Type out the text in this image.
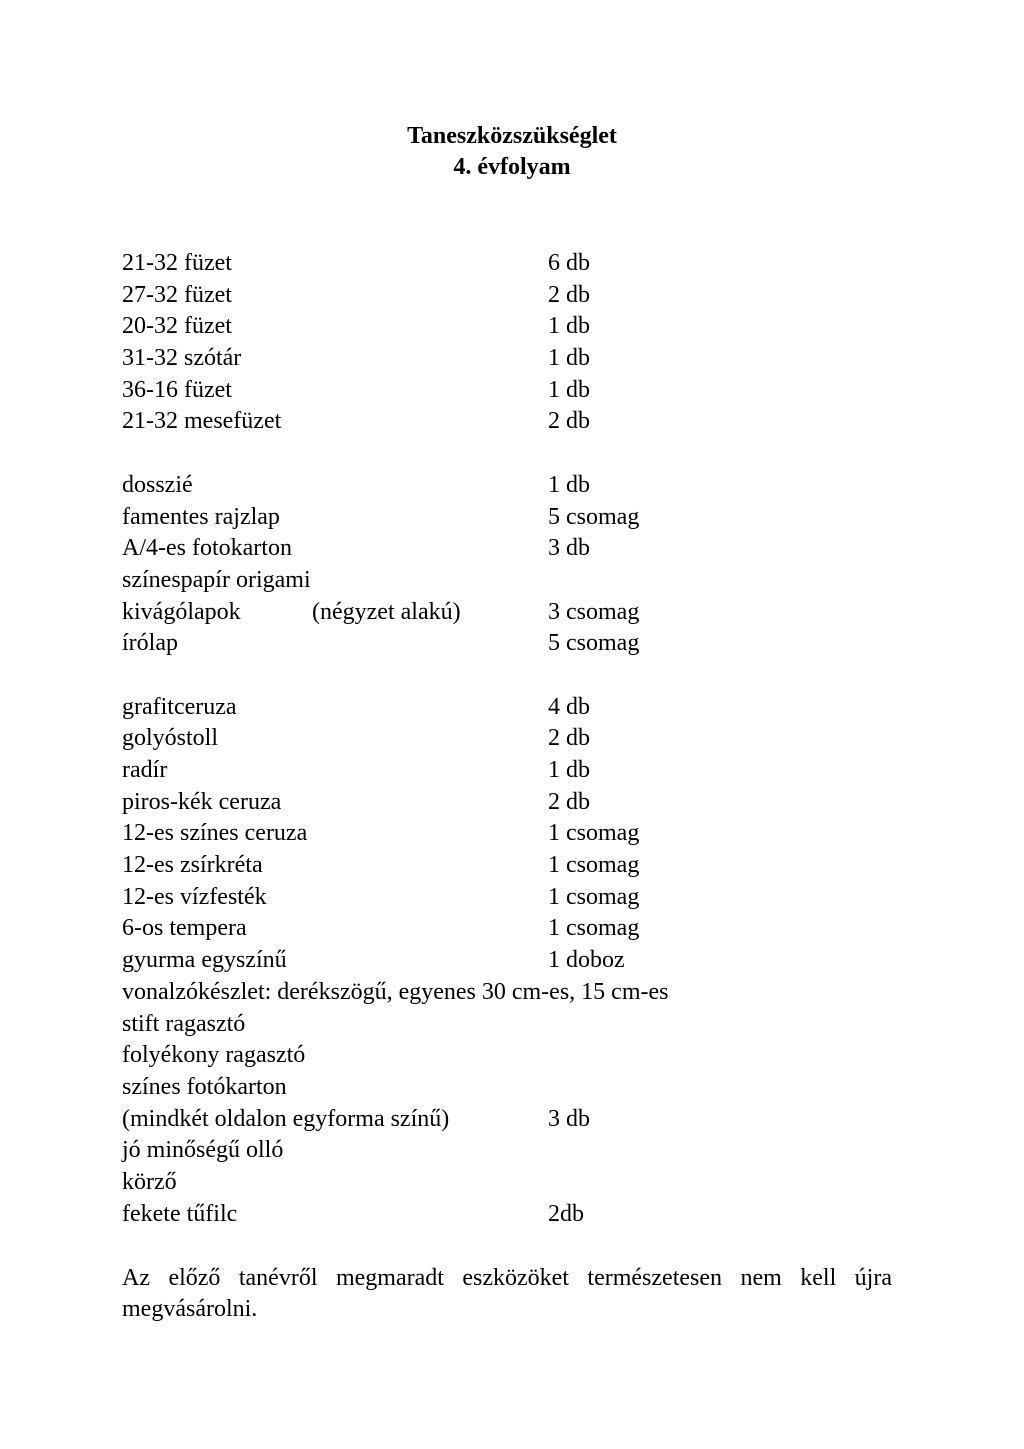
Taneszközszükséglet
4. évfolyam
21-32 füzet	6 db
27-32 füzet	2 db
20-32 füzet	1 db
31-32 szótár	1 db
36-16 füzet	1 db
21-32 mesefüzet	2 db
dosszié	1 db
famentes rajzlap	5 csomag
A/4-es fotokarton	3 db
színespapír origami
kivágólapok	(négyzet alakú)	3 csomag
írólap	5 csomag
grafitceruza	4 db
golyóstoll	2 db
radír	1 db
piros-kék ceruza	2 db
12-es színes ceruza	1 csomag
12-es zsírkréta	1 csomag
12-es vízfesték	1 csomag
6-os tempera	1 csomag
gyurma egyszínű	1 doboz
vonalzókészlet: derékszögű, egyenes 30 cm-es, 15 cm-es
stift ragasztó
folyékony ragasztó
színes fotókarton
(mindkét oldalon egyforma színű)	3 db
jó minőségű olló
körző
fekete tűfilc	2db
Az előző tanévről megmaradt eszközöket természetesen nem kell újra megvásárolni.
